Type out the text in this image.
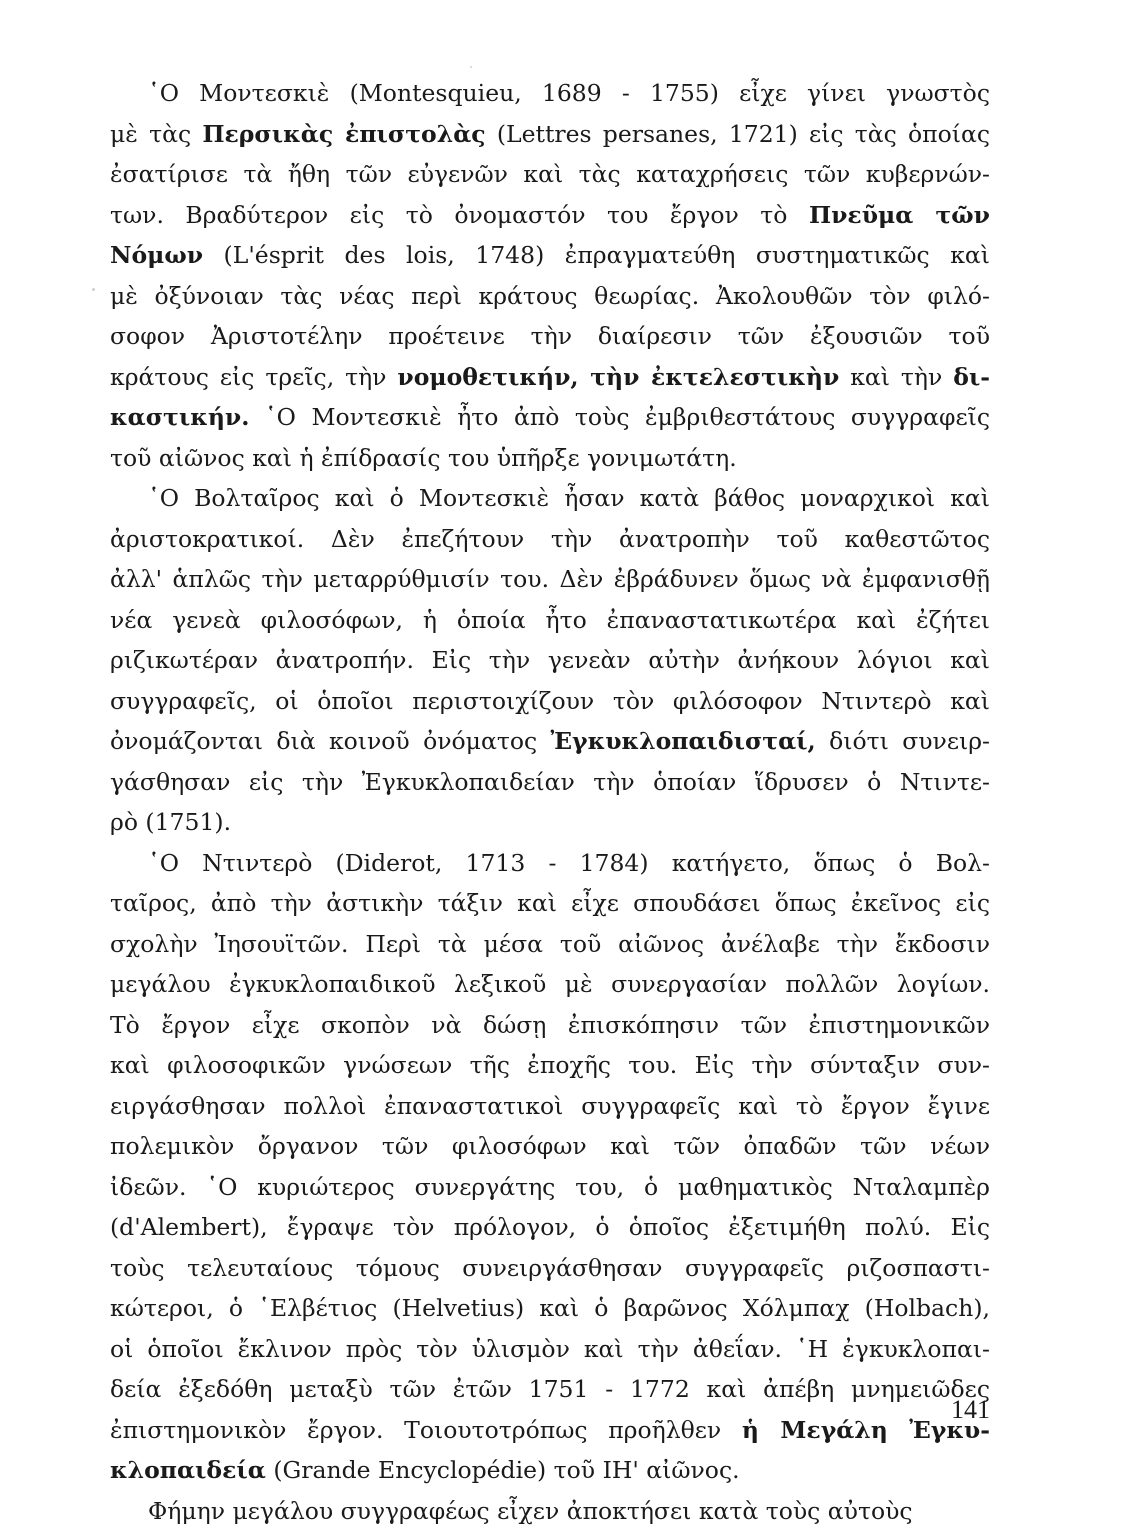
῾Ο Μοντεσκιὲ (Montesquieu, 1689 - 1755) εἶχε γίνει γνωστὸς
μὲ τὰς Περσικὰς ἐπιστολὰς (Lettres persanes, 1721) εἰς τὰς ὁποίας
ἐσατίρισε τὰ ἤθη τῶν εὐγενῶν καὶ τὰς καταχρήσεις τῶν κυβερνών-
των. Βραδύτερον εἰς τὸ ὀνομαστόν του ἔργον τὸ Πνεῦμα τῶν
Νόμων (L'ésprit des lois, 1748) ἐπραγματεύθη συστηματικῶς καὶ
μὲ ὀξύνοιαν τὰς νέας περὶ κράτους θεωρίας. Ἀκολουθῶν τὸν φιλό-
σοφον Ἀριστοτέλην προέτεινε τὴν διαίρεσιν τῶν ἐξουσιῶν τοῦ
κράτους εἰς τρεῖς, τὴν νομοθετικήν, τὴν ἐκτελεστικὴν καὶ τὴν δι-
καστικήν. ῾Ο Μοντεσκιὲ ἦτο ἀπὸ τοὺς ἐμβριθεστάτους συγγραφεῖς
τοῦ αἰῶνος καὶ ἡ ἐπίδρασίς του ὑπῆρξε γονιμωτάτη.
῾Ο Βολταῖρος καὶ ὁ Μοντεσκιὲ ἦσαν κατὰ βάθος μοναρχικοὶ καὶ
ἀριστοκρατικοί. Δὲν ἐπεζήτουν τὴν ἀνατροπὴν τοῦ καθεστῶτος
ἀλλ' ἁπλῶς τὴν μεταρρύθμισίν του. Δὲν ἐβράδυνεν ὅμως νὰ ἐμφανισθῇ
νέα γενεὰ φιλοσόφων, ἡ ὁποία ἦτο ἐπαναστατικωτέρα καὶ ἐζήτει
ριζικωτέραν ἀνατροπήν. Εἰς τὴν γενεὰν αὐτὴν ἀνήκουν λόγιοι καὶ
συγγραφεῖς, οἱ ὁποῖοι περιστοιχίζουν τὸν φιλόσοφον Ντιντερὸ καὶ
ὀνομάζονται διὰ κοινοῦ ὀνόματος Ἐγκυκλοπαιδισταί, διότι συνειρ-
γάσθησαν εἰς τὴν Ἐγκυκλοπαιδείαν τὴν ὁποίαν ἵδρυσεν ὁ Ντιντε-
ρὸ (1751).
῾Ο Ντιντερὸ (Diderot, 1713 - 1784) κατήγετο, ὅπως ὁ Βολ-
ταῖρος, ἀπὸ τὴν ἀστικὴν τάξιν καὶ εἶχε σπουδάσει ὅπως ἐκεῖνος εἰς
σχολὴν Ἰησουϊτῶν. Περὶ τὰ μέσα τοῦ αἰῶνος ἀνέλαβε τὴν ἔκδοσιν
μεγάλου ἐγκυκλοπαιδικοῦ λεξικοῦ μὲ συνεργασίαν πολλῶν λογίων.
Τὸ ἔργον εἶχε σκοπὸν νὰ δώσῃ ἐπισκόπησιν τῶν ἐπιστημονικῶν
καὶ φιλοσοφικῶν γνώσεων τῆς ἐποχῆς του. Εἰς τὴν σύνταξιν συν-
ειργάσθησαν πολλοὶ ἐπαναστατικοὶ συγγραφεῖς καὶ τὸ ἔργον ἔγινε
πολεμικὸν ὄργανον τῶν φιλοσόφων καὶ τῶν ὀπαδῶν τῶν νέων
ἰδεῶν. ῾Ο κυριώτερος συνεργάτης του, ὁ μαθηματικὸς Νταλαμπὲρ
(d'Alembert), ἔγραψε τὸν πρόλογον, ὁ ὁποῖος ἐξετιμήθη πολύ. Εἰς
τοὺς τελευταίους τόμους συνειργάσθησαν συγγραφεῖς ριζοσπαστι-
κώτεροι, ὁ ῾Ελβέτιος (Helvetius) καὶ ὁ βαρῶνος Χόλμπαχ (Holbach),
οἱ ὁποῖοι ἔκλινον πρὸς τὸν ὑλισμὸν καὶ τὴν ἀθεΐαν. ῾Η ἐγκυκλοπαι-
δεία ἐξεδόθη μεταξὺ τῶν ἐτῶν 1751 - 1772 καὶ ἀπέβη μνημειῶδες
ἐπιστημονικὸν ἔργον. Τοιουτοτρόπως προῆλθεν ἡ Μεγάλη Ἐγκυ-
κλοπαιδεία (Grande Encyclopédie) τοῦ ΙΗ' αἰῶνος.
Φήμην μεγάλου συγγραφέως εἶχεν ἀποκτήσει κατὰ τοὺς αὐτοὺς
141
